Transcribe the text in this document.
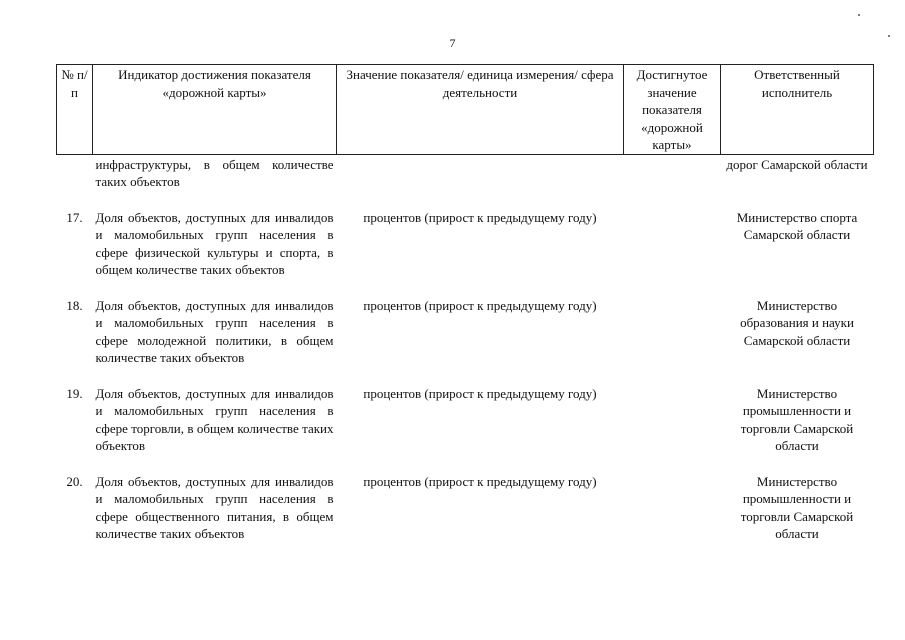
7
№ п/п	Индикатор достижения показателя «дорожной карты»	Значение показателя/ единица измерения/ сфера деятельности	Достигнутое значение показателя «дорожной карты»	Ответственный исполнитель
	инфраструктуры, в общем количестве таких объектов			дорог Самарской области
17.	Доля объектов, доступных для инвалидов и маломобильных групп населения в сфере физической культуры и спорта, в общем количестве таких объектов	процентов (прирост к предыдущему году)		Министерство спорта Самарской области
18.	Доля объектов, доступных для инвалидов и маломобильных групп населения в сфере молодежной политики, в общем количестве таких объектов	процентов (прирост к предыдущему году)		Министерство образования и науки Самарской области
19.	Доля объектов, доступных для инвалидов и маломобильных групп населения в сфере торговли, в общем количестве таких объектов	процентов (прирост к предыдущему году)		Министерство промышленности и торговли Самарской области
20.	Доля объектов, доступных для инвалидов и маломобильных групп населения в сфере общественного питания, в общем количестве таких объектов	процентов (прирост к предыдущему году)		Министерство промышленности и торговли Самарской области
